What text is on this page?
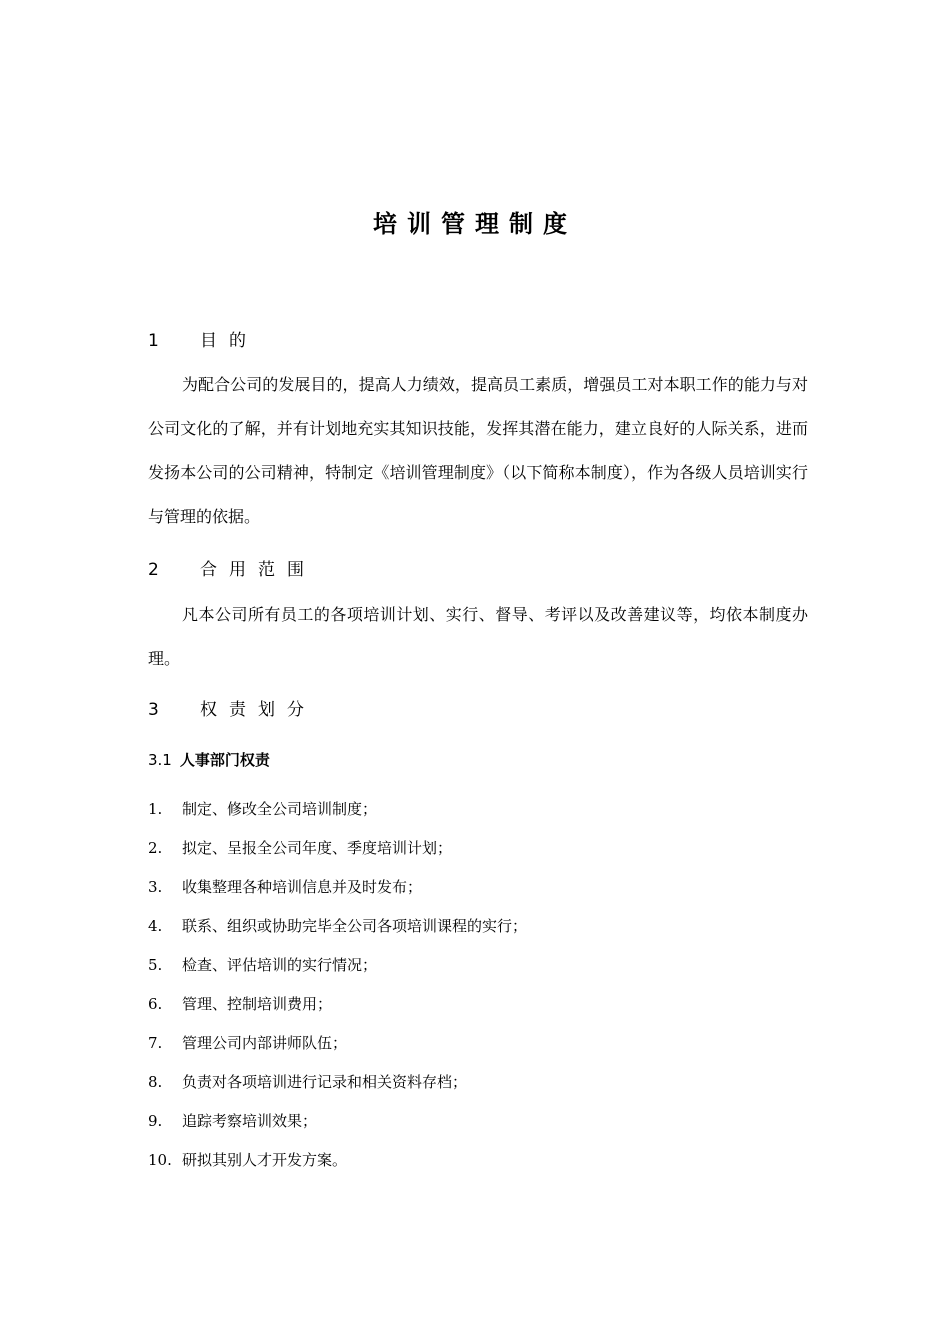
培训管理制度
1 目的
为配合公司的发展目的，提高人力绩效，提高员工素质，增强员工对本职工作的能力与对公司文化的了解，并有计划地充实其知识技能，发挥其潜在能力，建立良好的人际关系，进而发扬本公司的公司精神，特制定《培训管理制度》（以下简称本制度），作为各级人员培训实行与管理的依据。
2 合用范围
凡本公司所有员工的各项培训计划、实行、督导、考评以及改善建议等，均依本制度办理。
3 权责划分
3.1 人事部门权责
1. 制定、修改全公司培训制度；
2. 拟定、呈报全公司年度、季度培训计划；
3. 收集整理各种培训信息并及时发布；
4. 联系、组织或协助完毕全公司各项培训课程的实行；
5. 检查、评估培训的实行情况；
6. 管理、控制培训费用；
7. 管理公司内部讲师队伍；
8. 负责对各项培训进行记录和相关资料存档；
9. 追踪考察培训效果；
10. 研拟其别人才开发方案。
